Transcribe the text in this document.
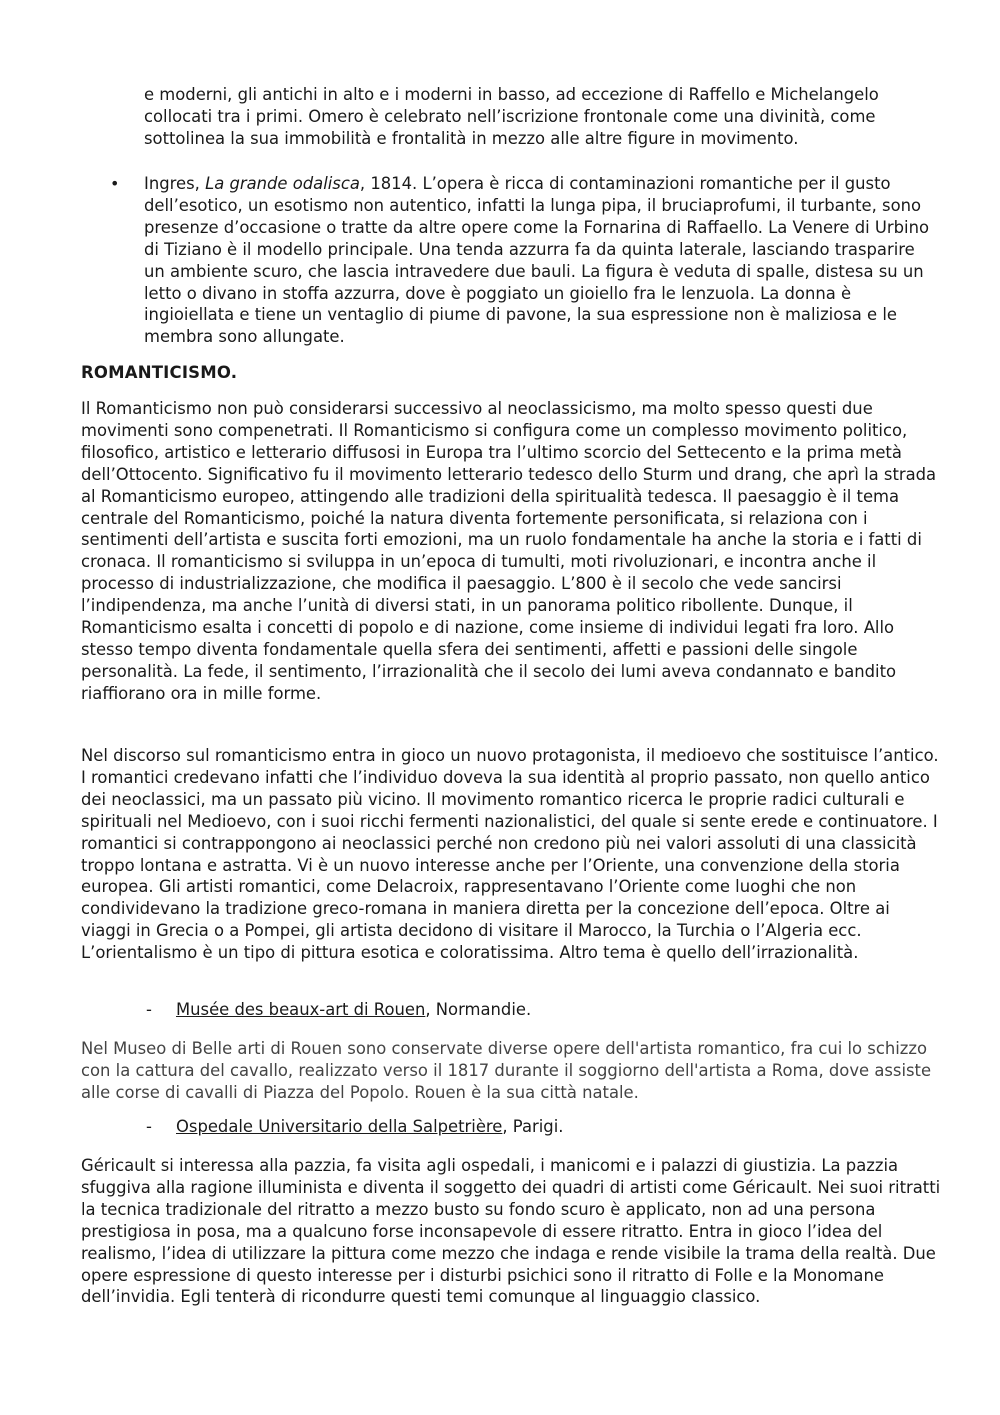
e moderni, gli antichi in alto e i moderni in basso, ad eccezione di Raffello e Michelangelo collocati tra i primi. Omero è celebrato nell’iscrizione frontonale come una divinità, come sottolinea la sua immobilità e frontalità in mezzo alle altre figure in movimento.

• Ingres, La grande odalisca, 1814. L’opera è ricca di contaminazioni romantiche per il gusto dell’esotico, un esotismo non autentico, infatti la lunga pipa, il bruciaprofumi, il turbante, sono presenze d’occasione o tratte da altre opere come la Fornarina di Raffaello. La Venere di Urbino di Tiziano è il modello principale. Una tenda azzurra fa da quinta laterale, lasciando trasparire un ambiente scuro, che lascia intravedere due bauli. La figura è veduta di spalle, distesa su un letto o divano in stoffa azzurra, dove è poggiato un gioiello fra le lenzuola. La donna è ingioiellata e tiene un ventaglio di piume di pavone, la sua espressione non è maliziosa e le membra sono allungate.

ROMANTICISMO.

Il Romanticismo non può considerarsi successivo al neoclassicismo, ma molto spesso questi due movimenti sono compenetrati. Il Romanticismo si configura come un complesso movimento politico, filosofico, artistico e letterario diffusosi in Europa tra l’ultimo scorcio del Settecento e la prima metà dell’Ottocento. Significativo fu il movimento letterario tedesco dello Sturm und drang, che aprì la strada al Romanticismo europeo, attingendo alle tradizioni della spiritualità tedesca. Il paesaggio è il tema centrale del Romanticismo, poiché la natura diventa fortemente personificata, si relaziona con i sentimenti dell’artista e suscita forti emozioni, ma un ruolo fondamentale ha anche la storia e i fatti di cronaca. Il romanticismo si sviluppa in un’epoca di tumulti, moti rivoluzionari, e incontra anche il processo di industrializzazione, che modifica il paesaggio. L’800 è il secolo che vede sancirsi l’indipendenza, ma anche l’unità di diversi stati, in un panorama politico ribollente. Dunque, il Romanticismo esalta i concetti di popolo e di nazione, come insieme di individui legati fra loro. Allo stesso tempo diventa fondamentale quella sfera dei sentimenti, affetti e passioni delle singole personalità. La fede, il sentimento, l’irrazionalità che il secolo dei lumi aveva condannato e bandito riaffiorano ora in mille forme.

Nel discorso sul romanticismo entra in gioco un nuovo protagonista, il medioevo che sostituisce l’antico. I romantici credevano infatti che l’individuo doveva la sua identità al proprio passato, non quello antico dei neoclassici, ma un passato più vicino. Il movimento romantico ricerca le proprie radici culturali e spirituali nel Medioevo, con i suoi ricchi fermenti nazionalistici, del quale si sente erede e continuatore. I romantici si contrappongono ai neoclassici perché non credono più nei valori assoluti di una classicità troppo lontana e astratta. Vi è un nuovo interesse anche per l’Oriente, una convenzione della storia europea. Gli artisti romantici, come Delacroix, rappresentavano l’Oriente come luoghi che non condividevano la tradizione greco-romana in maniera diretta per la concezione dell’epoca. Oltre ai viaggi in Grecia o a Pompei, gli artista decidono di visitare il Marocco, la Turchia o l’Algeria ecc. L’orientalismo è un tipo di pittura esotica e coloratissima. Altro tema è quello dell’irrazionalità.

- Musée des beaux-art di Rouen, Normandie.

Nel Museo di Belle arti di Rouen sono conservate diverse opere dell'artista romantico, fra cui lo schizzo con la cattura del cavallo, realizzato verso il 1817 durante il soggiorno dell'artista a Roma, dove assiste alle corse di cavalli di Piazza del Popolo. Rouen è la sua città natale.

- Ospedale Universitario della Salpetrière, Parigi.

Géricault si interessa alla pazzia, fa visita agli ospedali, i manicomi e i palazzi di giustizia. La pazzia sfuggiva alla ragione illuminista e diventa il soggetto dei quadri di artisti come Géricault. Nei suoi ritratti la tecnica tradizionale del ritratto a mezzo busto su fondo scuro è applicato, non ad una persona prestigiosa in posa, ma a qualcuno forse inconsapevole di essere ritratto. Entra in gioco l’idea del realismo, l’idea di utilizzare la pittura come mezzo che indaga e rende visibile la trama della realtà. Due opere espressione di questo interesse per i disturbi psichici sono il ritratto di Folle e la Monomane dell’invidia. Egli tenterà di ricondurre questi temi comunque al linguaggio classico.
